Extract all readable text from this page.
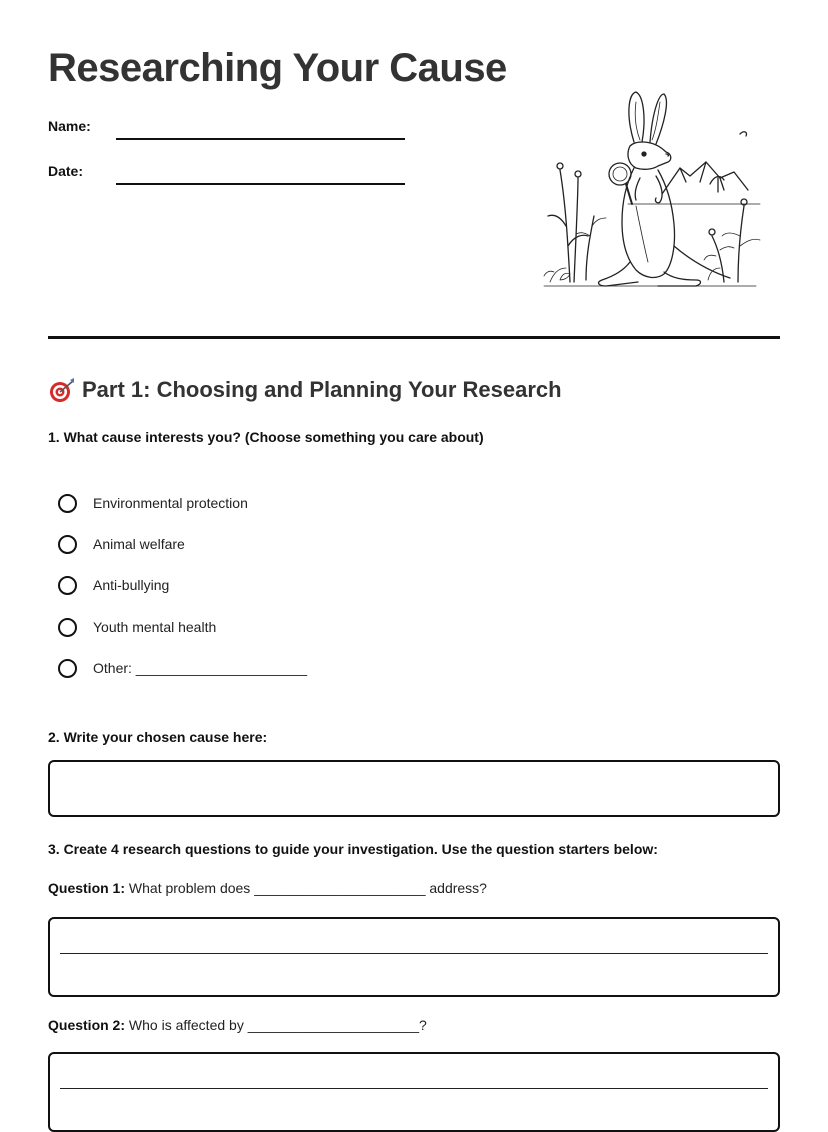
Researching Your Cause
Name:
Date:
Part 1: Choosing and Planning Your Research
1. What cause interests you? (Choose something you care about)
Environmental protection
Animal welfare
Anti-bullying
Youth mental health
Other: ______________________
2. Write your chosen cause here:
3. Create 4 research questions to guide your investigation. Use the question starters below:
Question 1: What problem does ______________________ address?
Question 2: Who is affected by ______________________?
